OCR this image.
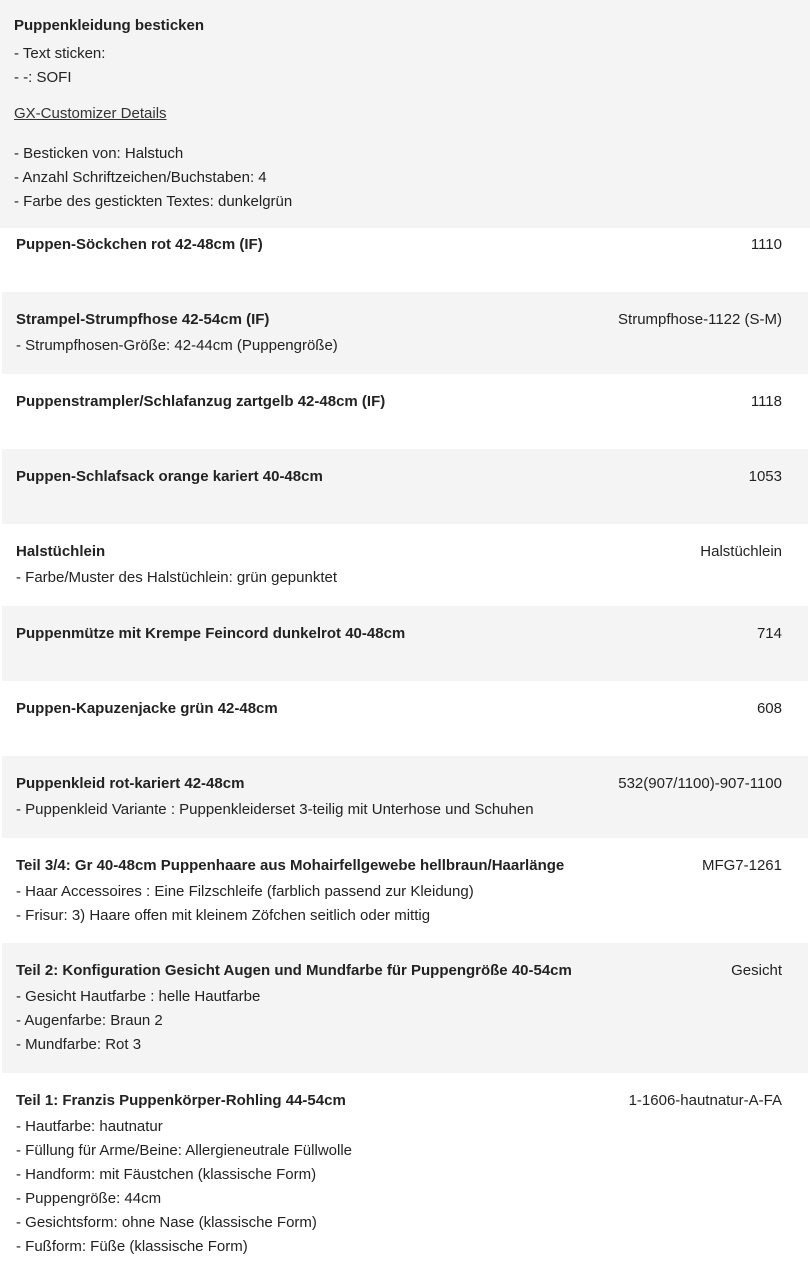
Puppenkleidung besticken
- Text sticken:
- -: SOFI
GX-Customizer Details
- Besticken von: Halstuch
- Anzahl Schriftzeichen/Buchstaben: 4
- Farbe des gestickten Textes: dunkelgrün
Puppen-Söckchen rot 42-48cm (IF)	1110
Strampel-Strumpfhose 42-54cm (IF)	Strumpfhose-1122 (S-M)
- Strumpfhosen-Größe: 42-44cm (Puppengröße)
Puppenstrampler/Schlafanzug zartgelb 42-48cm (IF)	1118
Puppen-Schlafsack orange kariert 40-48cm	1053
Halstüchlein	Halstüchlein
- Farbe/Muster des Halstüchlein: grün gepunktet
Puppenmütze mit Krempe Feincord dunkelrot 40-48cm	714
Puppen-Kapuzenjacke grün 42-48cm	608
Puppenkleid rot-kariert 42-48cm	532(907/1100)-907-1100
- Puppenkleid Variante : Puppenkleiderset 3-teilig mit Unterhose und Schuhen
Teil 3/4: Gr 40-48cm Puppenhaare aus Mohairfellgewebe hellbraun/Haarlänge	MFG7-1261
- Haar Accessoires : Eine Filzschleife (farblich passend zur Kleidung)
- Frisur: 3) Haare offen mit kleinem Zöfchen seitlich oder mittig
Teil 2: Konfiguration Gesicht Augen und Mundfarbe für Puppengröße 40-54cm	Gesicht
- Gesicht Hautfarbe : helle Hautfarbe
- Augenfarbe: Braun 2
- Mundfarbe: Rot 3
Teil 1: Franzis Puppenkörper-Rohling 44-54cm	1-1606-hautnatur-A-FA
- Hautfarbe: hautnatur
- Füllung für Arme/Beine: Allergieneutrale Füllwolle
- Handform: mit Fäustchen (klassische Form)
- Puppengröße: 44cm
- Gesichtsform: ohne Nase (klassische Form)
- Fußform: Füße (klassische Form)
